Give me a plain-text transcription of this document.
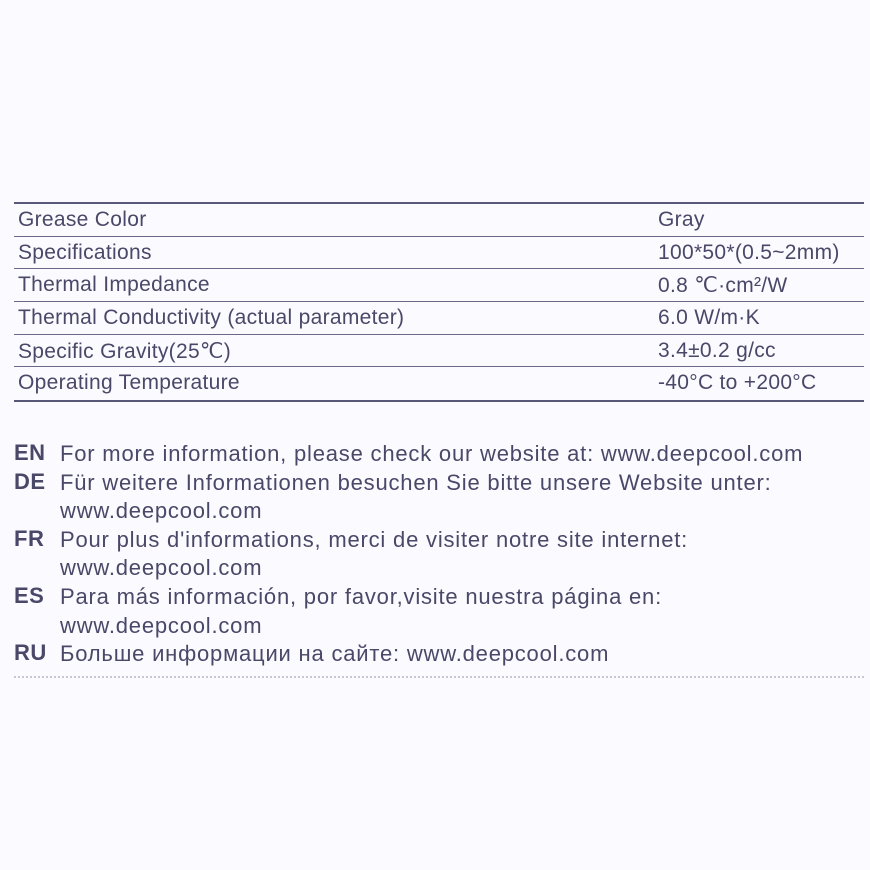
Grease Color	Gray
Specifications	100*50*(0.5~2mm)
Thermal Impedance	0.8 ℃·cm²/W
Thermal Conductivity (actual parameter)	6.0 W/m·K
Specific Gravity(25℃)	3.4±0.2 g/cc
Operating Temperature	-40°C to +200°C
EN For more information, please check our website at: www.deepcool.com
DE Für weitere Informationen besuchen Sie bitte unsere Website unter:
www.deepcool.com
FR Pour plus d'informations, merci de visiter notre site internet:
www.deepcool.com
ES Para más información, por favor,visite nuestra página en:
www.deepcool.com
RU Больше информации на сайте: www.deepcool.com
